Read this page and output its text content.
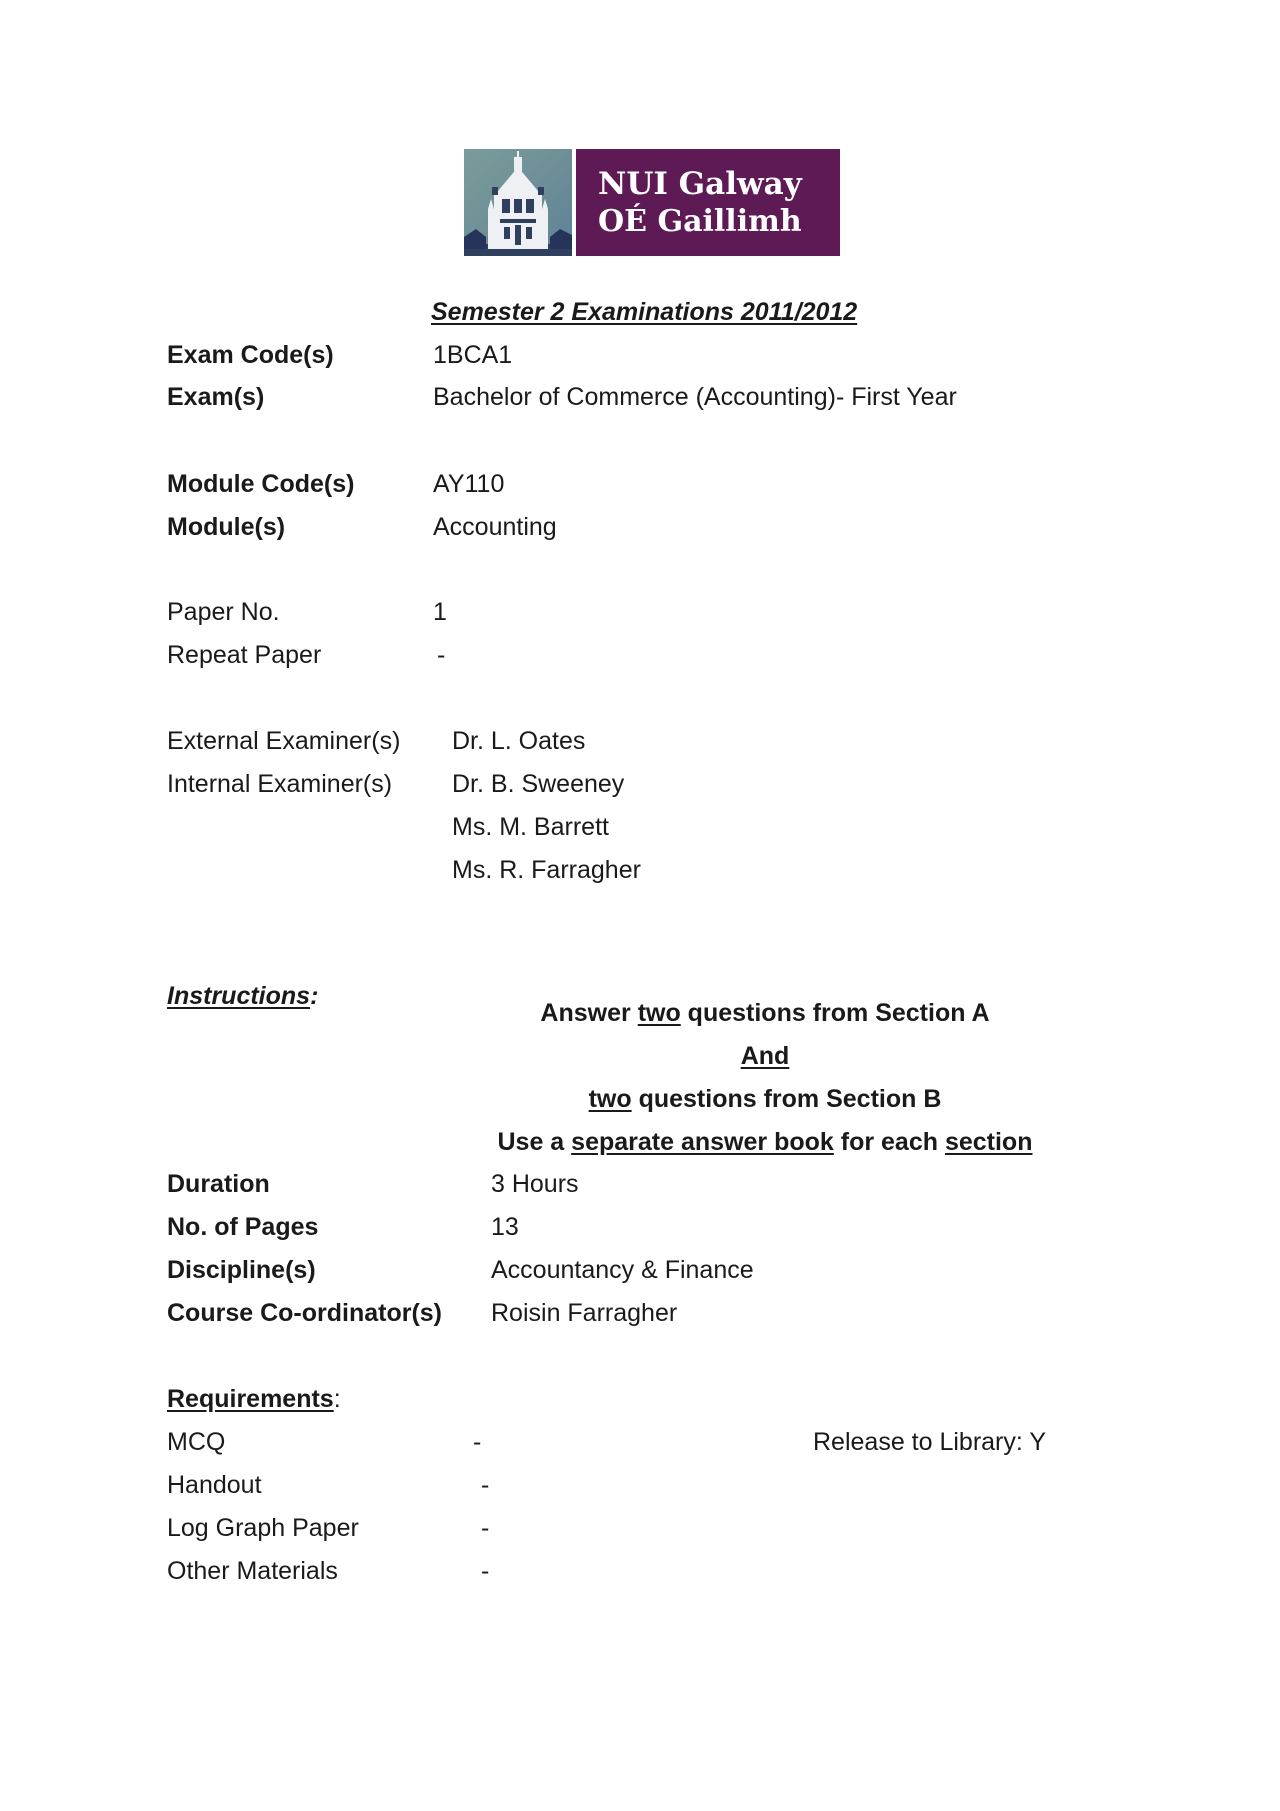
NUI Galway
OÉ Gaillimh
Semester 2 Examinations 2011/2012
Exam Code(s)	1BCA1
Exam(s)	Bachelor of Commerce (Accounting)- First Year
Module Code(s)	AY110
Module(s)	Accounting
Paper No.	1
Repeat Paper	-
External Examiner(s) Dr. L. Oates
Internal Examiner(s) Dr. B. Sweeney
Ms. M. Barrett
Ms. R. Farragher
Instructions:
Answer two questions from Section A
And
two questions from Section B
Use a separate answer book for each section
Duration	3 Hours
No. of Pages	13
Discipline(s)	Accountancy & Finance
Course Co-ordinator(s) Roisin Farragher
Requirements:
MCQ	-	Release to Library: Y
Handout	-
Log Graph Paper	-
Other Materials	-
